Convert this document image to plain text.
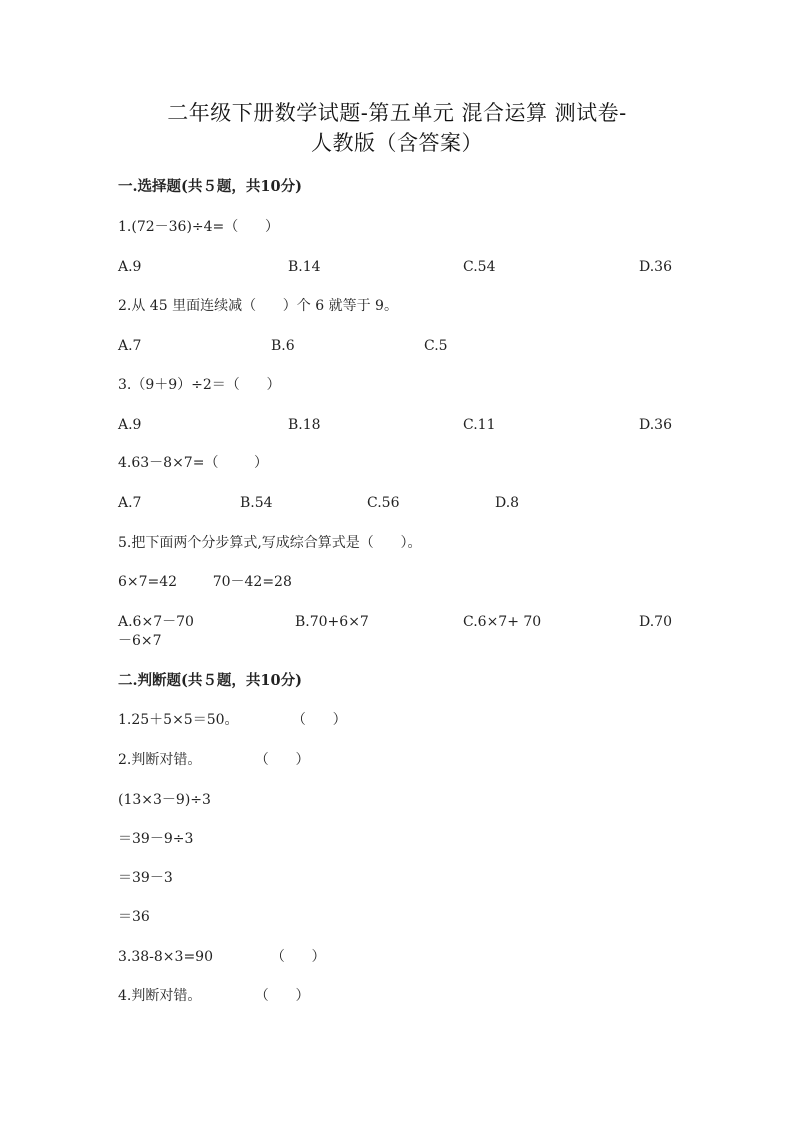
二年级下册数学试题-第五单元 混合运算 测试卷-
人教版（含答案）
一.选择题(共５题，共10分)
1.(72－36)÷4=（      ）
A.9	B.14	C.54	D.36
2.从 45 里面连续减（      ）个 6 就等于 9。
A.7	B.6	C.5
3.（9＋9）÷2＝（      ）
A.9	B.18	C.11	D.36
4.63－8×7=（        ）
A.7	B.54	C.56	D.8
5.把下面两个分步算式,写成综合算式是（      ）。
6×7=42        70－42=28
A.6×7－70	B.70+6×7	C.6×7+ 70	D.70
－6×7
二.判断题(共５题，共10分)
1.25＋5×5＝50。            （      ）
2.判断对错。            （      ）
(13×3－9)÷3
＝39－9÷3
＝39－3
＝36
3.38-8×3=90             （      ）
4.判断对错。            （      ）
